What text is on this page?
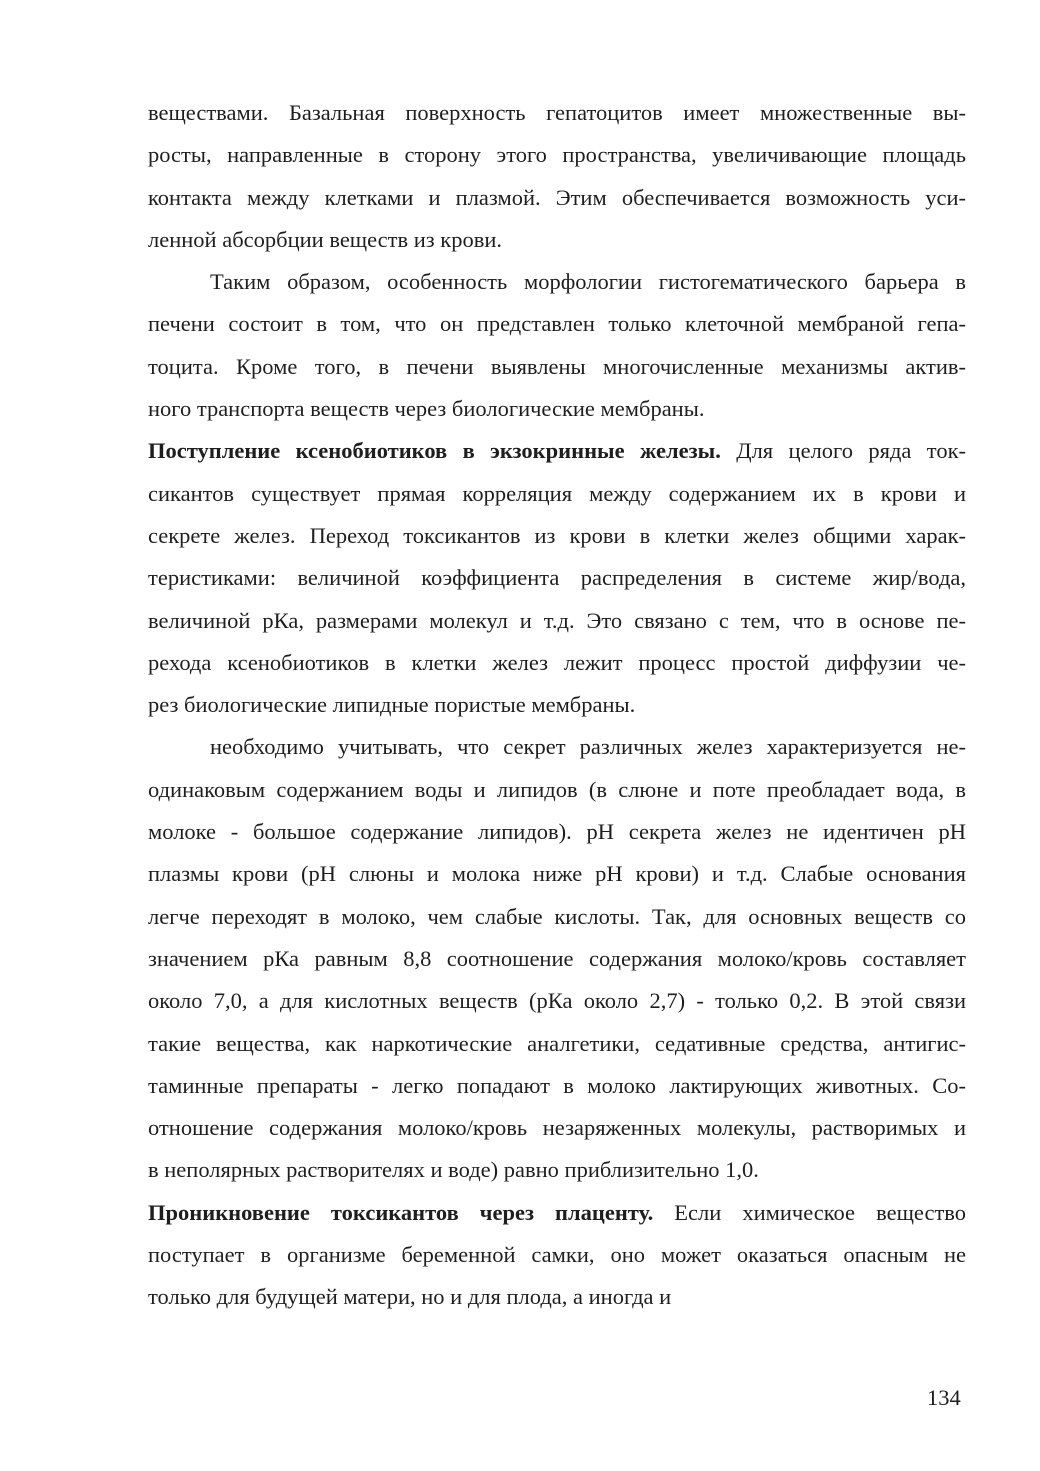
веществами. Базальная поверхность гепатоцитов имеет множественные вы-
росты, направленные в сторону этого пространства, увеличивающие площадь
контакта между клетками и плазмой. Этим обеспечивается возможность уси-
ленной абсорбции веществ из крови.
Таким образом, особенность морфологии гистогематического барьера в
печени состоит в том, что он представлен только клеточной мембраной гепа-
тоцита. Кроме того, в печени выявлены многочисленные механизмы актив-
ного транспорта веществ через биологические мембраны.
Поступление ксенобиотиков в экзокринные железы. Для целого ряда ток-
сикантов существует прямая корреляция между содержанием их в крови и
секрете желез. Переход токсикантов из крови в клетки желез общими харак-
теристиками: величиной коэффициента распределения в системе жир/вода,
величиной рКа, размерами молекул и т.д. Это связано с тем, что в основе пе-
рехода ксенобиотиков в клетки желез лежит процесс простой диффузии че-
рез биологические липидные пористые мембраны.
необходимо учитывать, что секрет различных желез характеризуется не-
одинаковым содержанием воды и липидов (в слюне и поте преобладает вода, в
молоке - большое содержание липидов). рН секрета желез не идентичен рН
плазмы крови (рН слюны и молока ниже рН крови) и т.д. Слабые основания
легче переходят в молоко, чем слабые кислоты. Так, для основных веществ со
значением рКа равным 8,8 соотношение содержания молоко/кровь составляет
около 7,0, а для кислотных веществ (рКа около 2,7) - только 0,2. В этой связи
такие вещества, как наркотические аналгетики, седативные средства, антигис-
таминные препараты - легко попадают в молоко лактирующих животных. Со-
отношение содержания молоко/кровь незаряженных молекулы, растворимых и
в неполярных растворителях и воде) равно приблизительно 1,0.
Проникновение токсикантов через плаценту. Если химическое вещество
поступает в организме беременной самки, оно может оказаться опасным не
только для будущей матери, но и для плода, а иногда и
134
